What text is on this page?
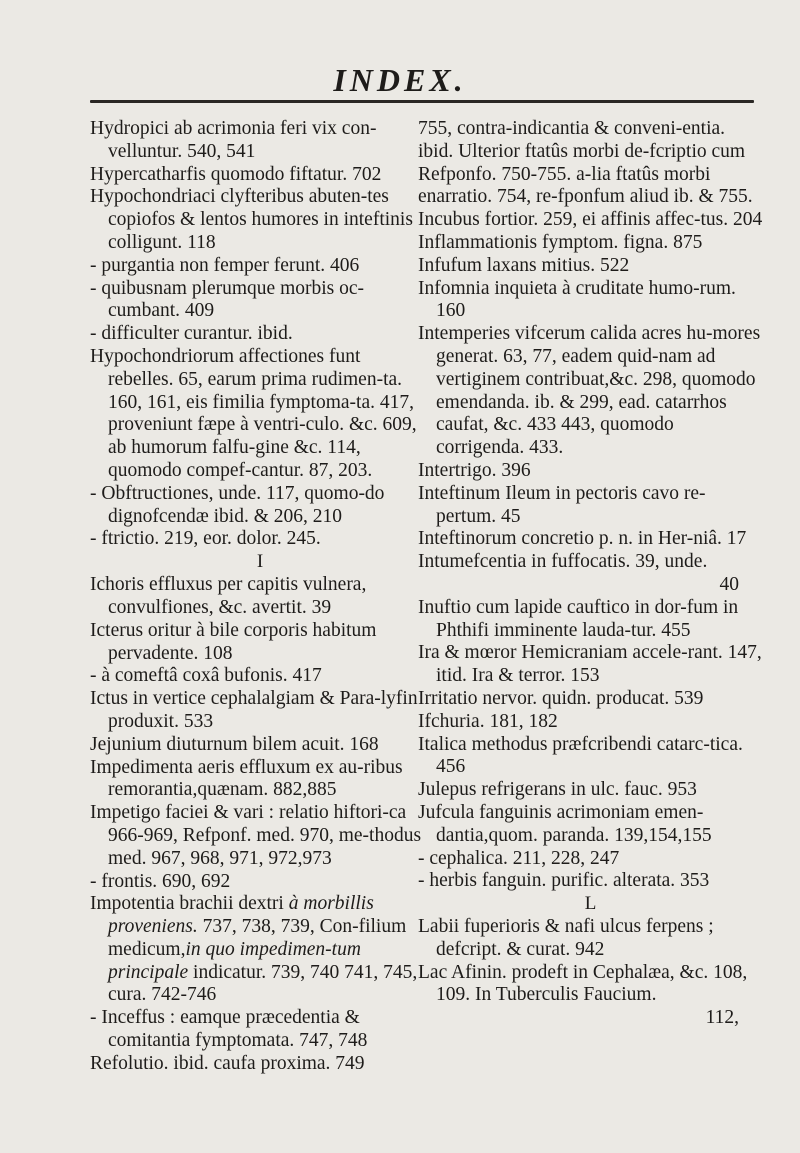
INDEX.

Hydropici ab acrimonia feri vix con-velluntur. 540, 541

Hypercatharfis quomodo fiftatur. 702

Hypochondriaci clyfteribus abuten-tes copiofos & lentos humores in inteftinis colligunt. 118

- purgantia non femper ferunt. 406

- quibusnam plerumque morbis oc-cumbant. 409

- difficulter curantur. ibid.

Hypochondriorum affectiones funt rebelles. 65, earum prima rudimen-ta. 160, 161, eis fimilia fymptoma-ta. 417, proveniunt fæpe à ventri-culo. &c. 609, ab humorum falfu-gine &c. 114, quomodo compef-cantur. 87, 203.

- Obftructiones, unde. 117, quomo-do dignofcendæ ibid. & 206, 210

- ftrictio. 219, eor. dolor. 245.

I

Ichoris effluxus per capitis vulnera, convulfiones, &c. avertit. 39

Icterus oritur à bile corporis habitum pervadente. 108

- à comeftâ coxâ bufonis. 417

Ictus in vertice cephalalgiam & Para-lyfin produxit. 533

Jejunium diuturnum bilem acuit. 168

Impedimenta aeris effluxum ex au-ribus remorantia,quænam. 882,885

Impetigo faciei & vari : relatio hiftori-ca 966-969, Refponf. med. 970, me-thodus med. 967, 968, 971, 972,973

- frontis. 690, 692

Impotentia brachii dextri à morbillis proveniens. 737, 738, 739, Con-filium medicum,in quo impedimen-tum principale indicatur. 739, 740 741, 745, cura. 742-746

- Inceffus : eamque præcedentia & comitantia fymptomata. 747, 748

Refolutio. ibid. caufa proxima. 749

755, contra-indicantia & conveni-entia. ibid. Ulterior ftatûs morbi de-fcriptio cum Refponfo. 750-755. a-lia ftatûs morbi enarratio. 754, re-fponfum aliud ib. & 755.

Incubus fortior. 259, ei affinis affec-tus. 204

Inflammationis fymptom. figna. 875

Infufum laxans mitius. 522

Infomnia inquieta à cruditate humo-rum. 160

Intemperies vifcerum calida acres hu-mores generat. 63, 77, eadem quid-nam ad vertiginem contribuat,&c. 298, quomodo emendanda. ib. & 299, ead. catarrhos caufat, &c. 433 443, quomodo corrigenda. 433.

Intertrigo. 396

Inteftinum Ileum in pectoris cavo re-pertum. 45

Inteftinorum concretio p. n. in Her-niâ. 17

Intumefcentia in fuffocatis. 39, unde.

40

Inuftio cum lapide cauftico in dor-fum in Phthifi imminente lauda-tur. 455

Ira & mœror Hemicraniam accele-rant. 147, itid. Ira & terror. 153

Irritatio nervor. quidn. producat. 539

Ifchuria. 181, 182

Italica methodus præfcribendi catarc-tica. 456

Julepus refrigerans in ulc. fauc. 953

Jufcula fanguinis acrimoniam emen-dantia,quom. paranda. 139,154,155

- cephalica. 211, 228, 247

- herbis fanguin. purific. alterata. 353

L

Labii fuperioris & nafi ulcus ferpens ; defcript. & curat. 942

Lac Afinin. prodeft in Cephalæa, &c. 108, 109. In Tuberculis Faucium.

112,
